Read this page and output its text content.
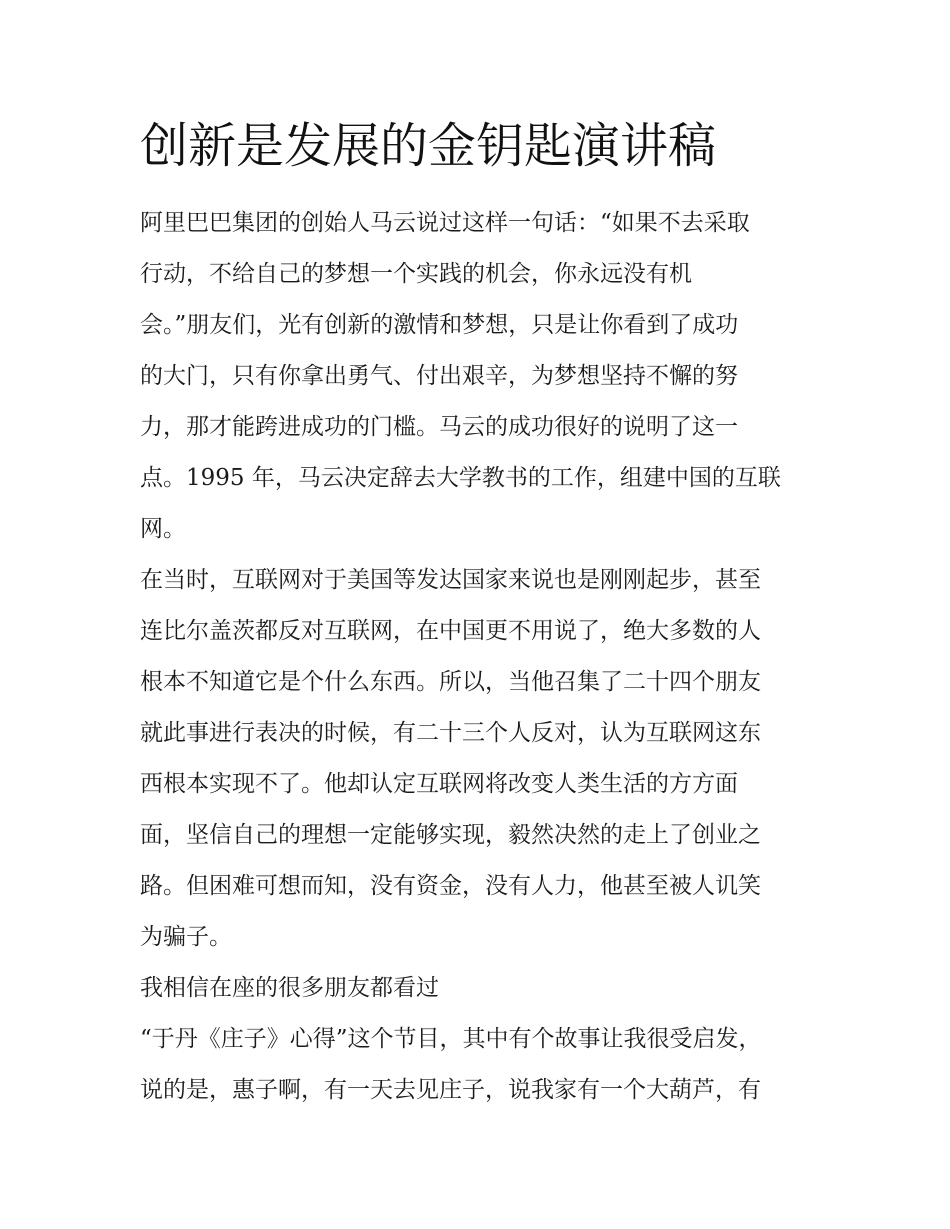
创新是发展的金钥匙演讲稿

阿里巴巴集团的创始人马云说过这样一句话：“如果不去采取
行动，不给自己的梦想一个实践的机会，你永远没有机
会。”朋友们，光有创新的激情和梦想，只是让你看到了成功
的大门，只有你拿出勇气、付出艰辛，为梦想坚持不懈的努
力，那才能跨进成功的门槛。马云的成功很好的说明了这一
点。1995 年，马云决定辞去大学教书的工作，组建中国的互联
网。

在当时，互联网对于美国等发达国家来说也是刚刚起步，甚至
连比尔盖茨都反对互联网，在中国更不用说了，绝大多数的人
根本不知道它是个什么东西。所以，当他召集了二十四个朋友
就此事进行表决的时候，有二十三个人反对，认为互联网这东
西根本实现不了。他却认定互联网将改变人类生活的方方面
面，坚信自己的理想一定能够实现，毅然决然的走上了创业之
路。但困难可想而知，没有资金，没有人力，他甚至被人讥笑
为骗子。

我相信在座的很多朋友都看过

“于丹《庄子》心得”这个节目，其中有个故事让我很受启发，
说的是，惠子啊，有一天去见庄子，说我家有一个大葫芦，有
